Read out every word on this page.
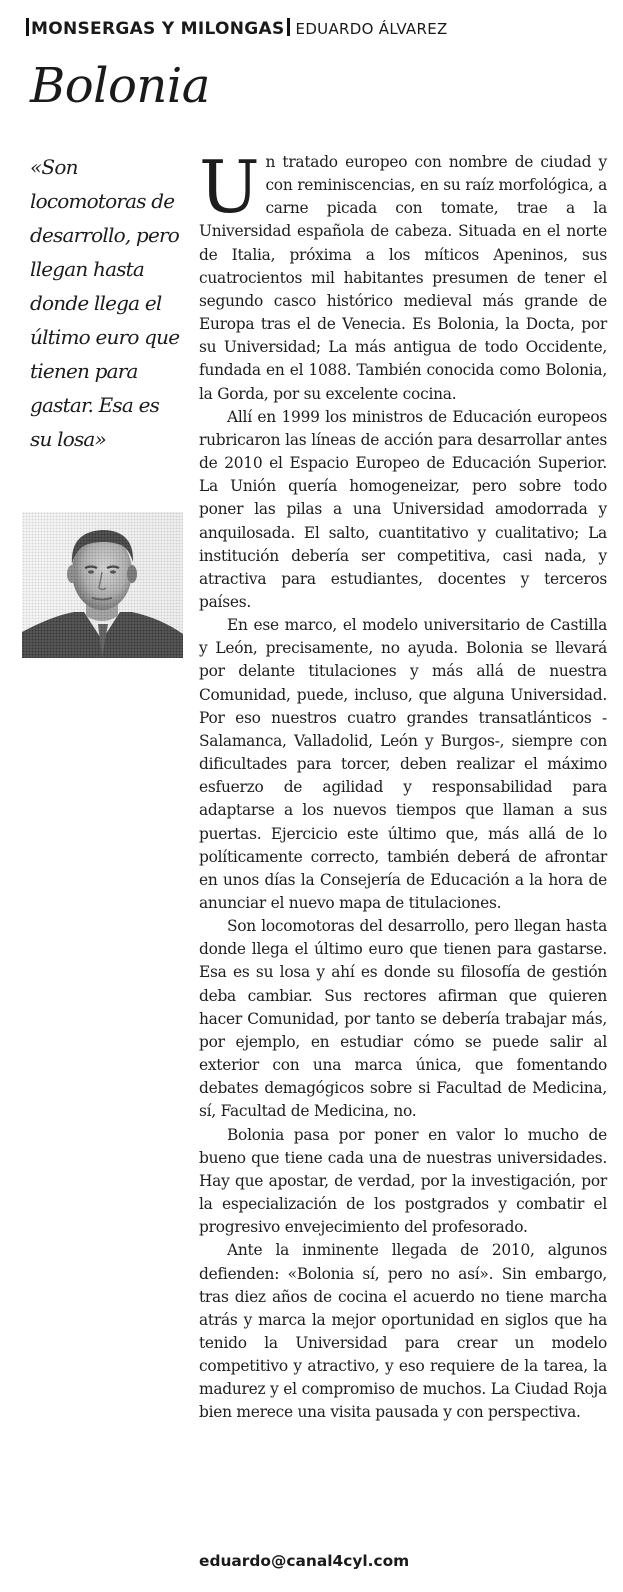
MONSERGAS Y MILONGAS EDUARDO ÁLVAREZ
Bolonia
«Son locomotoras de desarrollo, pero llegan hasta donde llega el último euro que tienen para gastar. Esa es su losa»

Un tratado europeo con nombre de ciudad y con reminiscencias, en su raíz morfológica, a carne picada con tomate, trae a la Universidad española de cabeza. Situada en el norte de Italia, próxima a los míticos Apeninos, sus cuatrocientos mil habitantes presumen de tener el segundo casco histórico medieval más grande de Europa tras el de Venecia. Es Bolonia, la Docta, por su Universidad; La más antigua de todo Occidente, fundada en el 1088. También conocida como Bolonia, la Gorda, por su excelente cocina.

Allí en 1999 los ministros de Educación europeos rubricaron las líneas de acción para desarrollar antes de 2010 el Espacio Europeo de Educación Superior. La Unión quería homogeneizar, pero sobre todo poner las pilas a una Universidad amodorrada y anquilosada. El salto, cuantitativo y cualitativo; La institución debería ser competitiva, casi nada, y atractiva para estudiantes, docentes y terceros países.

En ese marco, el modelo universitario de Castilla y León, precisamente, no ayuda. Bolonia se llevará por delante titulaciones y más allá de nuestra Comunidad, puede, incluso, que alguna Universidad. Por eso nuestros cuatro grandes transatlánticos -Salamanca, Valladolid, León y Burgos-, siempre con dificultades para torcer, deben realizar el máximo esfuerzo de agilidad y responsabilidad para adaptarse a los nuevos tiempos que llaman a sus puertas. Ejercicio este último que, más allá de lo políticamente correcto, también deberá de afrontar en unos días la Consejería de Educación a la hora de anunciar el nuevo mapa de titulaciones.

Son locomotoras del desarrollo, pero llegan hasta donde llega el último euro que tienen para gastarse. Esa es su losa y ahí es donde su filosofía de gestión deba cambiar. Sus rectores afirman que quieren hacer Comunidad, por tanto se debería trabajar más, por ejemplo, en estudiar cómo se puede salir al exterior con una marca única, que fomentando debates demagógicos sobre si Facultad de Medicina, sí, Facultad de Medicina, no.

Bolonia pasa por poner en valor lo mucho de bueno que tiene cada una de nuestras universidades. Hay que apostar, de verdad, por la investigación, por la especialización de los postgrados y combatir el progresivo envejecimiento del profesorado.

Ante la inminente llegada de 2010, algunos defienden: «Bolonia sí, pero no así». Sin embargo, tras diez años de cocina el acuerdo no tiene marcha atrás y marca la mejor oportunidad en siglos que ha tenido la Universidad para crear un modelo competitivo y atractivo, y eso requiere de la tarea, la madurez y el compromiso de muchos. La Ciudad Roja bien merece una visita pausada y con perspectiva.

eduardo@canal4cyl.com
